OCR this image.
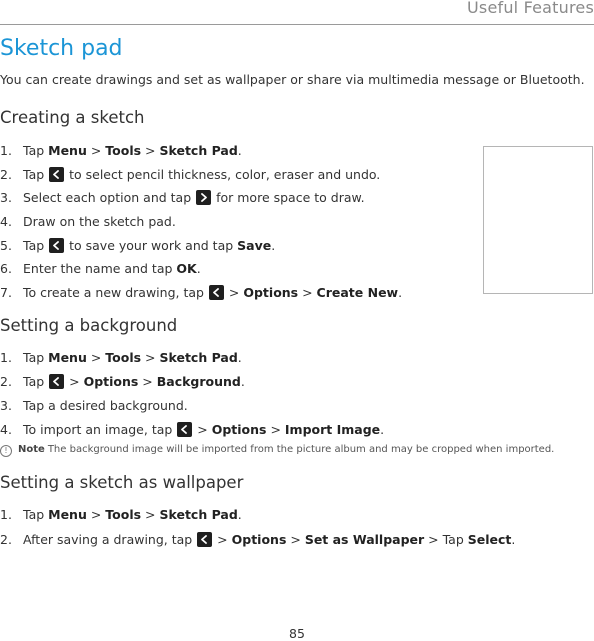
Useful Features
Sketch pad
You can create drawings and set as wallpaper or share via multimedia message or Bluetooth.
Creating a sketch
1. Tap Menu > Tools > Sketch Pad.
2. Tap
to select pencil thickness, color, eraser and undo.
3. Select each option and tap
for more space to draw.
4. Draw on the sketch pad.
5. Tap
to save your work and tap Save.
6. Enter the name and tap OK.
7. To create a new drawing, tap
> Options > Create New.
Setting a background
1. Tap Menu > Tools > Sketch Pad.
2. Tap
> Options > Background.
3. Tap a desired background.
4. To import an image, tap
> Options > Import Image.
! Note The background image will be imported from the picture album and may be cropped when imported.
Setting a sketch as wallpaper
1. Tap Menu > Tools > Sketch Pad.
2. After saving a drawing, tap
> Options > Set as Wallpaper > Tap Select.
85
